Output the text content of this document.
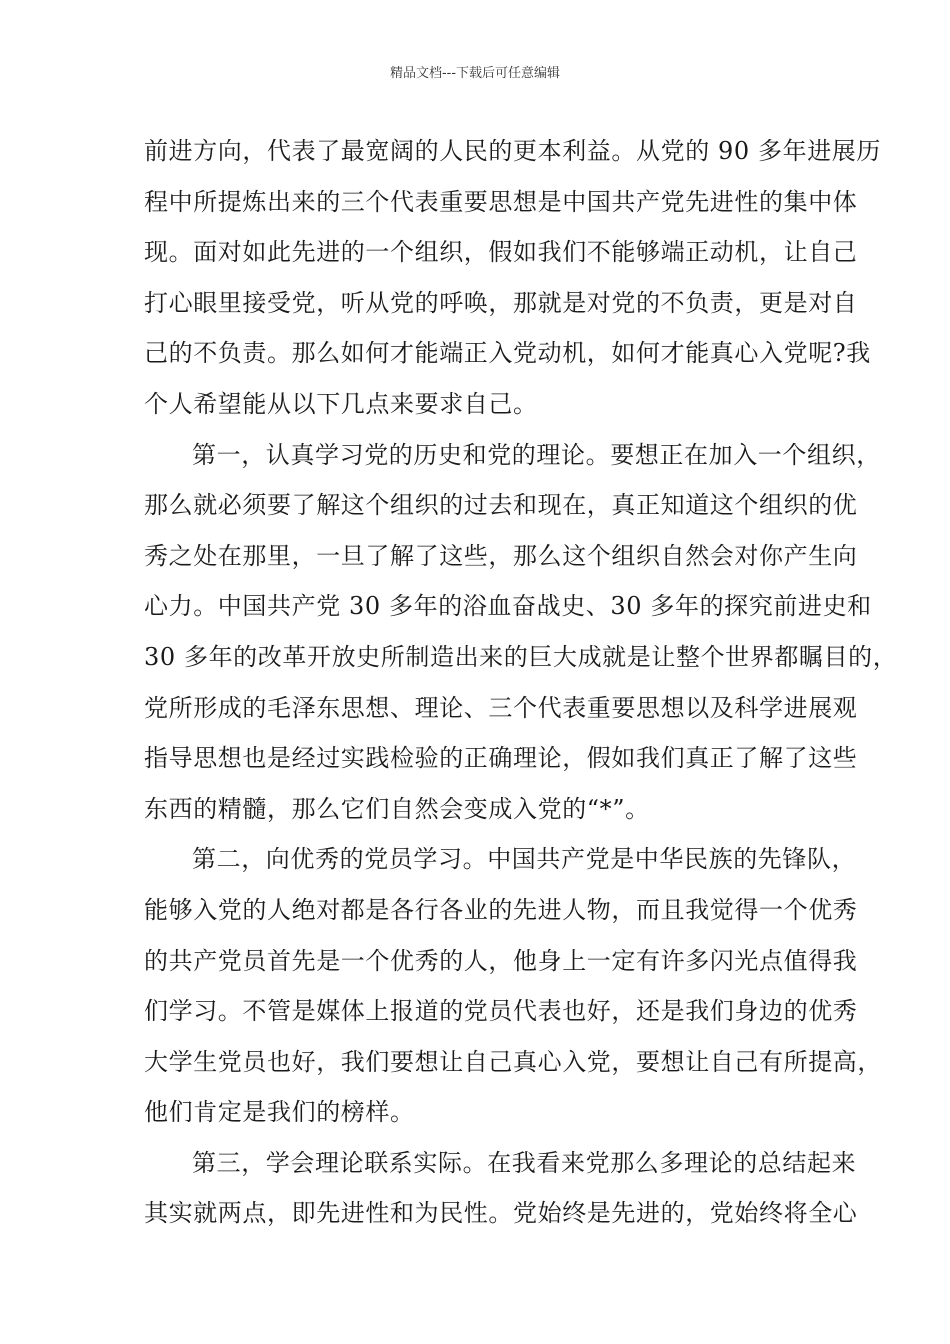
精品文档---下载后可任意编辑
前进方向，代表了最宽阔的人民的更本利益。从党的 90 多年进展历
程中所提炼出来的三个代表重要思想是中国共产党先进性的集中体
现。面对如此先进的一个组织，假如我们不能够端正动机，让自己
打心眼里接受党，听从党的呼唤，那就是对党的不负责，更是对自
己的不负责。那么如何才能端正入党动机，如何才能真心入党呢?我
个人希望能从以下几点来要求自己。
第一，认真学习党的历史和党的理论。要想正在加入一个组织，
那么就必须要了解这个组织的过去和现在，真正知道这个组织的优
秀之处在那里，一旦了解了这些，那么这个组织自然会对你产生向
心力。中国共产党 30 多年的浴血奋战史、30 多年的探究前进史和
30 多年的改革开放史所制造出来的巨大成就是让整个世界都瞩目的，
党所形成的毛泽东思想、理论、三个代表重要思想以及科学进展观
指导思想也是经过实践检验的正确理论，假如我们真正了解了这些
东西的精髓，那么它们自然会变成入党的“*”。
第二，向优秀的党员学习。中国共产党是中华民族的先锋队，
能够入党的人绝对都是各行各业的先进人物，而且我觉得一个优秀
的共产党员首先是一个优秀的人，他身上一定有许多闪光点值得我
们学习。不管是媒体上报道的党员代表也好，还是我们身边的优秀
大学生党员也好，我们要想让自己真心入党，要想让自己有所提高，
他们肯定是我们的榜样。
第三，学会理论联系实际。在我看来党那么多理论的总结起来
其实就两点，即先进性和为民性。党始终是先进的，党始终将全心
